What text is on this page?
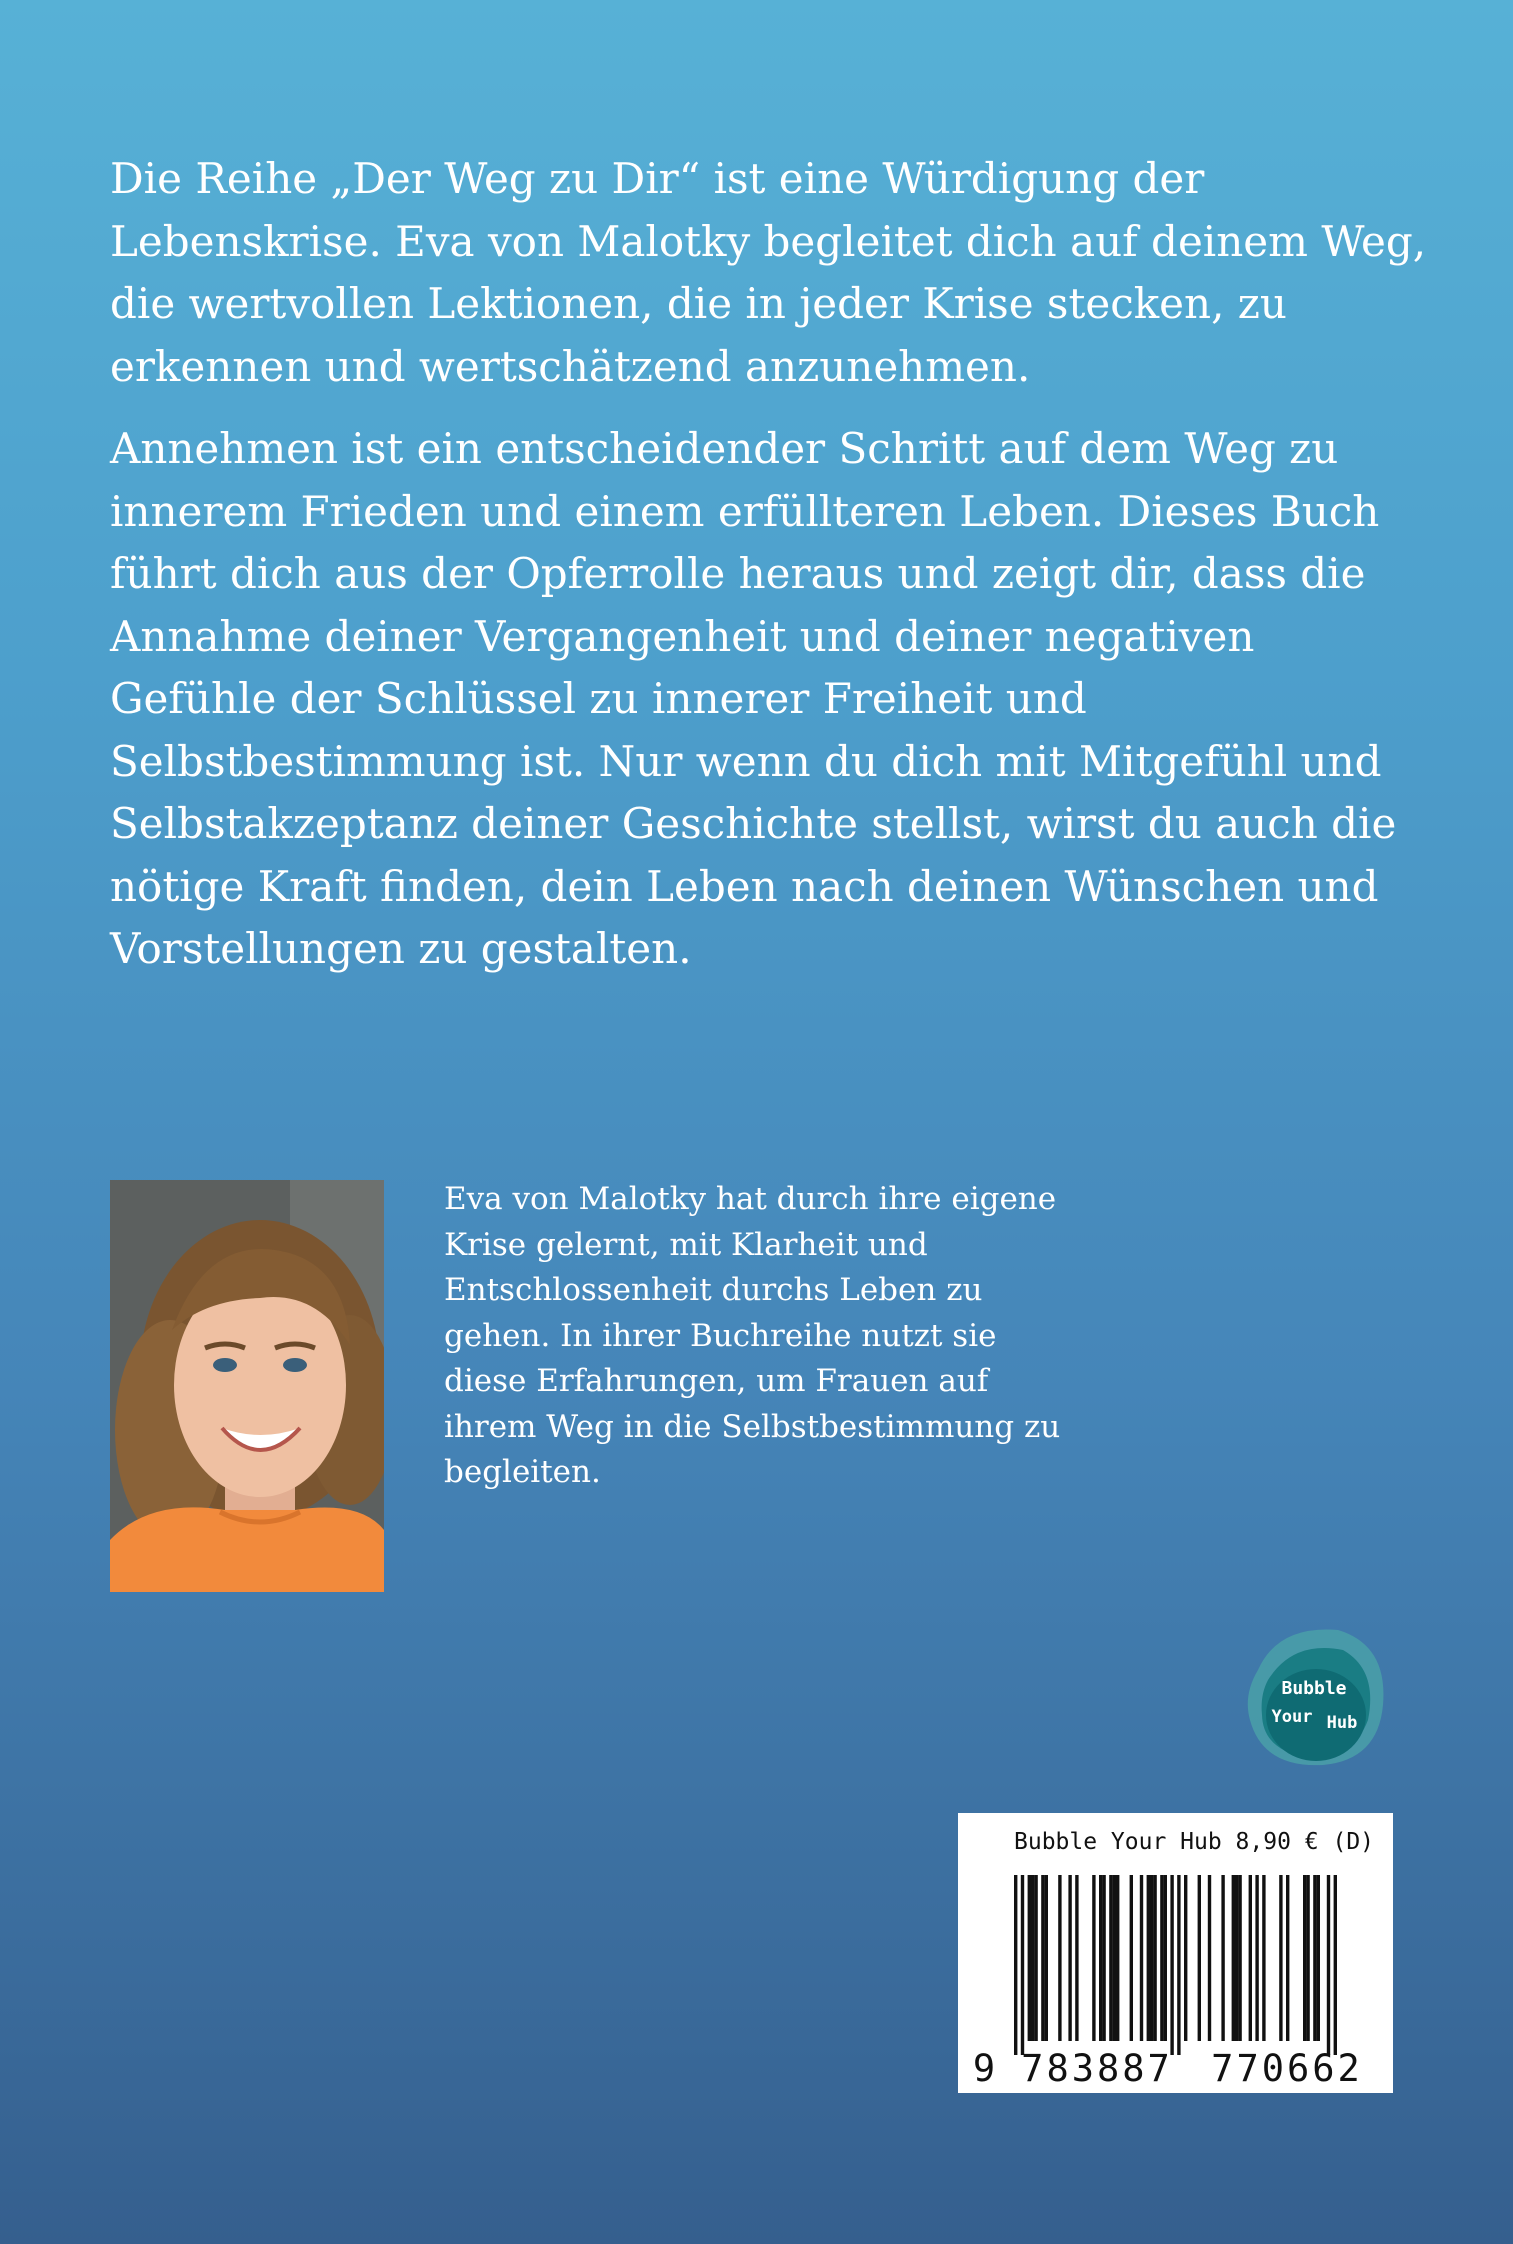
Die Reihe „Der Weg zu Dir“ ist eine Würdigung der Lebenskrise. Eva von Malotky begleitet dich auf deinem Weg, die wertvollen Lektionen, die in jeder Krise stecken, zu erkennen und wertschätzend anzunehmen.

Annehmen ist ein entscheidender Schritt auf dem Weg zu innerem Frieden und einem erfüllteren Leben. Dieses Buch führt dich aus der Opferrolle heraus und zeigt dir, dass die Annahme deiner Vergangenheit und deiner negativen Gefühle der Schlüssel zu innerer Freiheit und Selbstbestimmung ist. Nur wenn du dich mit Mitgefühl und Selbstakzeptanz deiner Geschichte stellst, wirst du auch die nötige Kraft finden, dein Leben nach deinen Wünschen und Vorstellungen zu gestalten.

Eva von Malotky hat durch ihre eigene Krise gelernt, mit Klarheit und Entschlossenheit durchs Leben zu gehen. In ihrer Buchreihe nutzt sie diese Erfahrungen, um Frauen auf ihrem Weg in die Selbstbestimmung zu begleiten.
Bubble
Your Hub
Bubble Your Hub 8,90 € (D)
9 783887 770662
